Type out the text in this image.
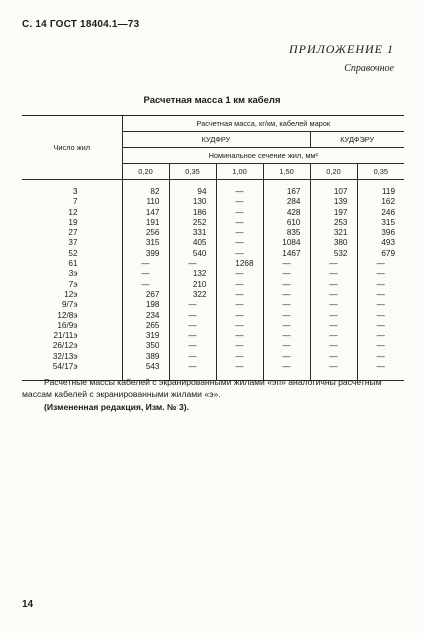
С. 14 ГОСТ 18404.1—73
ПРИЛОЖЕНИЕ 1
Справочное
Расчетная масса 1 км кабеля
Число жил	Расчетная масса, кг/км, кабелей марок					
	КУДФРУ				КУДФЭРУ	
	Номинальное сечение жил, мм²					
	0,20	0,35	1,00	1,50	0,20	0,35
3	82	94	—	167	107	119
7	110	130	—	284	139	162
12	147	186	—	428	197	246
19	191	252	—	610	253	315
27	256	331	—	835	321	396
37	315	405	—	1084	380	493
52	399	540	—	1467	532	679
61	—	—	1268	—	—	—
3э	—	132	—	—	—	—
7э	—	210	—	—	—	—
12э	267	322	—	—	—	—
9/7э	198	—	—	—	—	—
12/8э	234	—	—	—	—	—
16/9э	265	—	—	—	—	—
21/11э	319	—	—	—	—	—
26/12э	350	—	—	—	—	—
32/13э	389	—	—	—	—	—
54/17э	543	—	—	—	—	—
Расчетные массы кабелей с экранированными жилами «эп» аналогичны расчетным массам кабелей с экранированными жилами «э».
(Измененная редакция, Изм. № 3).
14
